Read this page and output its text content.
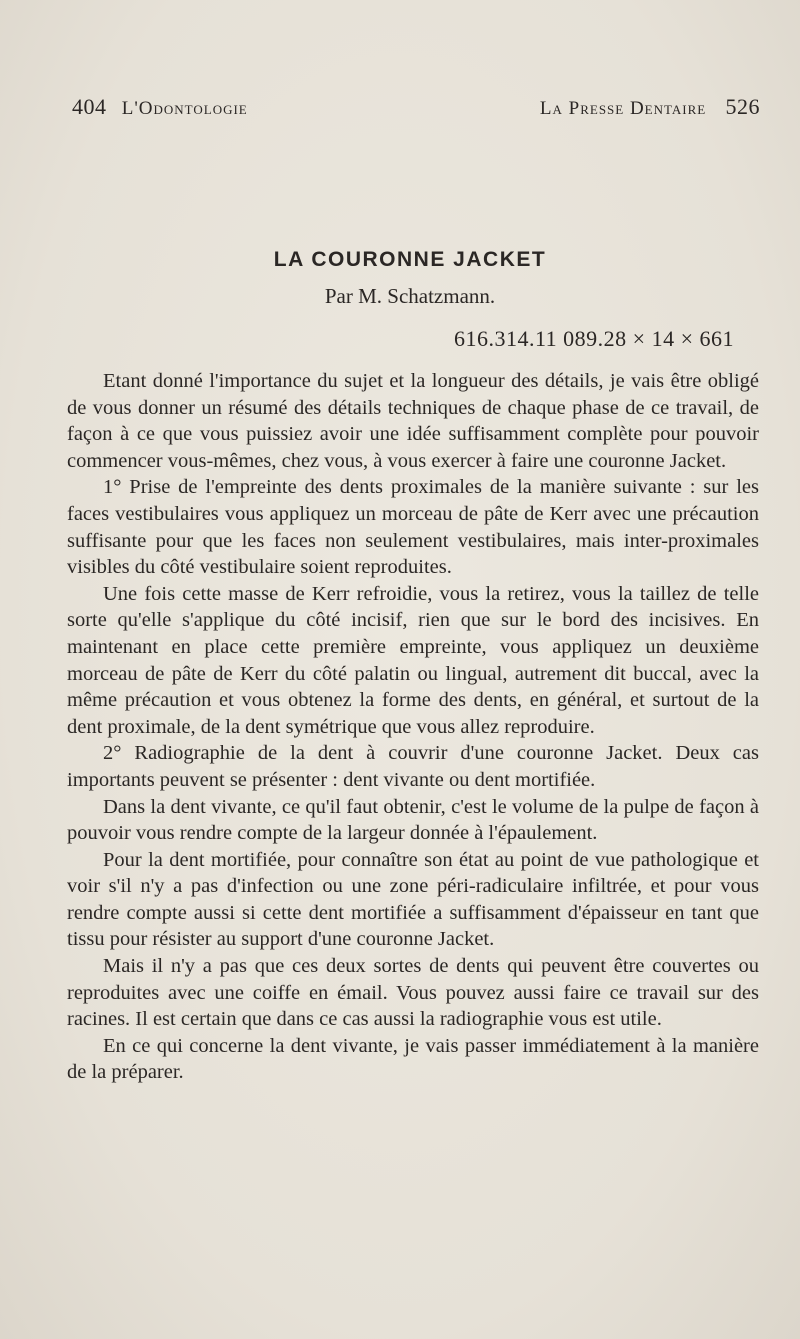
404 L'Odontologie	La Presse Dentaire 526
LA COURONNE JACKET
Par M. Schatzmann.
616.314.11 089.28 × 14 × 661

Etant donné l'importance du sujet et la longueur des détails, je vais être obligé de vous donner un résumé des détails techniques de chaque phase de ce travail, de façon à ce que vous puissiez avoir une idée suffisamment complète pour pouvoir commencer vous-mêmes, chez vous, à vous exercer à faire une couronne Jacket.

1° Prise de l'empreinte des dents proximales de la manière suivante : sur les faces vestibulaires vous appliquez un morceau de pâte de Kerr avec une précaution suffisante pour que les faces non seulement vestibulaires, mais inter-proximales visibles du côté vestibulaire soient reproduites.

Une fois cette masse de Kerr refroidie, vous la retirez, vous la taillez de telle sorte qu'elle s'applique du côté incisif, rien que sur le bord des incisives. En maintenant en place cette première empreinte, vous appliquez un deuxième morceau de pâte de Kerr du côté palatin ou lingual, autrement dit buccal, avec la même précaution et vous obtenez la forme des dents, en général, et surtout de la dent proximale, de la dent symétrique que vous allez reproduire.

2° Radiographie de la dent à couvrir d'une couronne Jacket. Deux cas importants peuvent se présenter : dent vivante ou dent mortifiée.

Dans la dent vivante, ce qu'il faut obtenir, c'est le volume de la pulpe de façon à pouvoir vous rendre compte de la largeur donnée à l'épaulement.

Pour la dent mortifiée, pour connaître son état au point de vue pathologique et voir s'il n'y a pas d'infection ou une zone péri-radiculaire infiltrée, et pour vous rendre compte aussi si cette dent mortifiée a suffisamment d'épaisseur en tant que tissu pour résister au support d'une couronne Jacket.

Mais il n'y a pas que ces deux sortes de dents qui peuvent être couvertes ou reproduites avec une coiffe en émail. Vous pouvez aussi faire ce travail sur des racines. Il est certain que dans ce cas aussi la radiographie vous est utile.

En ce qui concerne la dent vivante, je vais passer immédiatement à la manière de la préparer.
